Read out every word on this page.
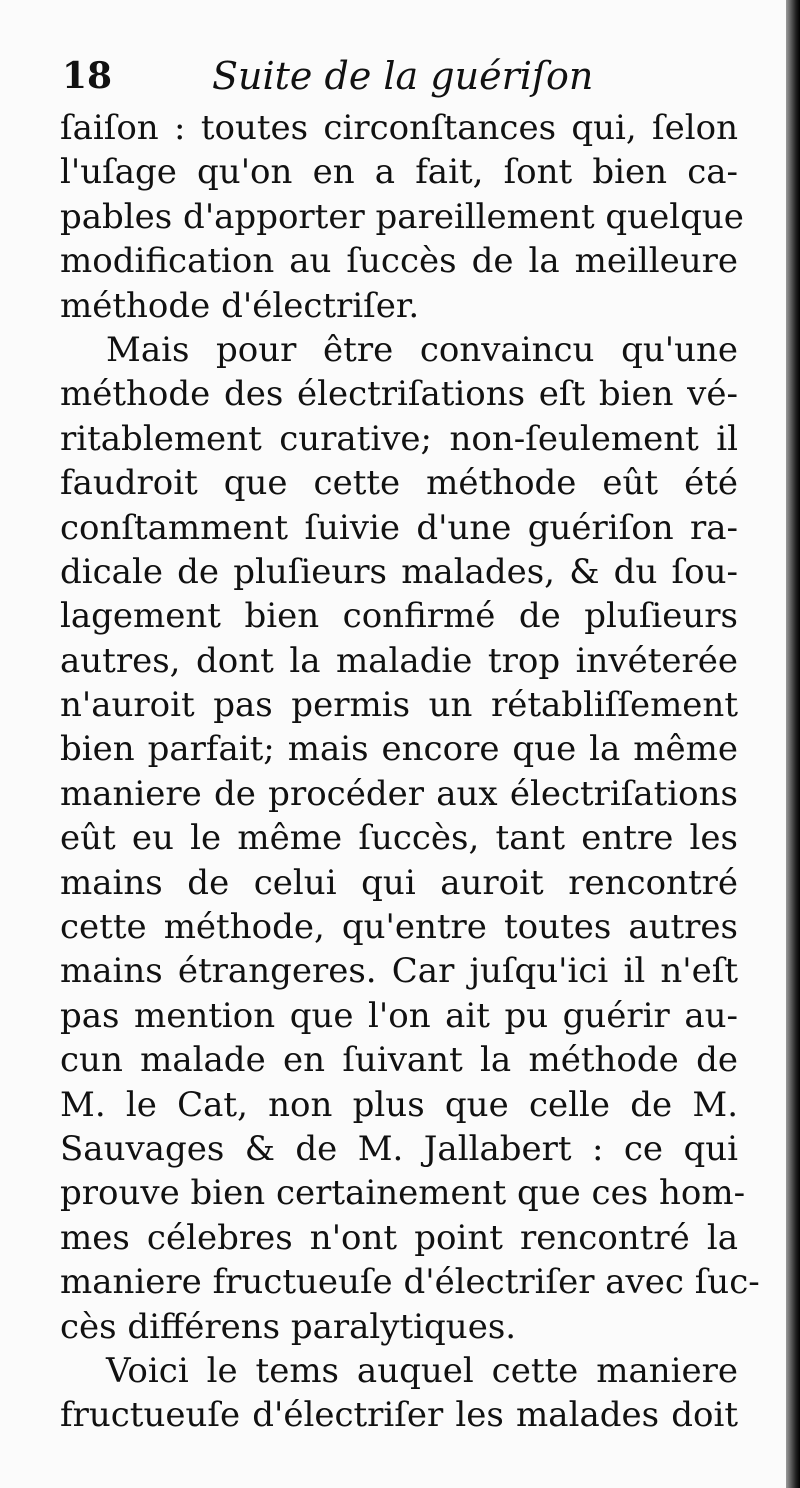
18	Suite de la guériſon
ſaiſon : toutes circonſtances qui, ſelon
l'uſage qu'on en a fait, ſont bien ca-
pables d'apporter pareillement quelque
modification au ſuccès de la meilleure
méthode d'électriſer.
Mais pour être convaincu qu'une
méthode des électriſations eſt bien vé-
ritablement curative; non-ſeulement il
faudroit que cette méthode eût été
conſtamment ſuivie d'une guériſon ra-
dicale de pluſieurs malades, & du ſou-
lagement bien confirmé de pluſieurs
autres, dont la maladie trop invéterée
n'auroit pas permis un rétabliſſement
bien parfait; mais encore que la même
maniere de procéder aux électriſations
eût eu le même ſuccès, tant entre les
mains de celui qui auroit rencontré
cette méthode, qu'entre toutes autres
mains étrangeres. Car juſqu'ici il n'eſt
pas mention que l'on ait pu guérir au-
cun malade en ſuivant la méthode de
M. le Cat, non plus que celle de M.
Sauvages & de M. Jallabert : ce qui
prouve bien certainement que ces hom-
mes célebres n'ont point rencontré la
maniere fructueuſe d'électriſer avec ſuc-
cès différens paralytiques.
Voici le tems auquel cette maniere
fructueuſe d'électriſer les malades doit
